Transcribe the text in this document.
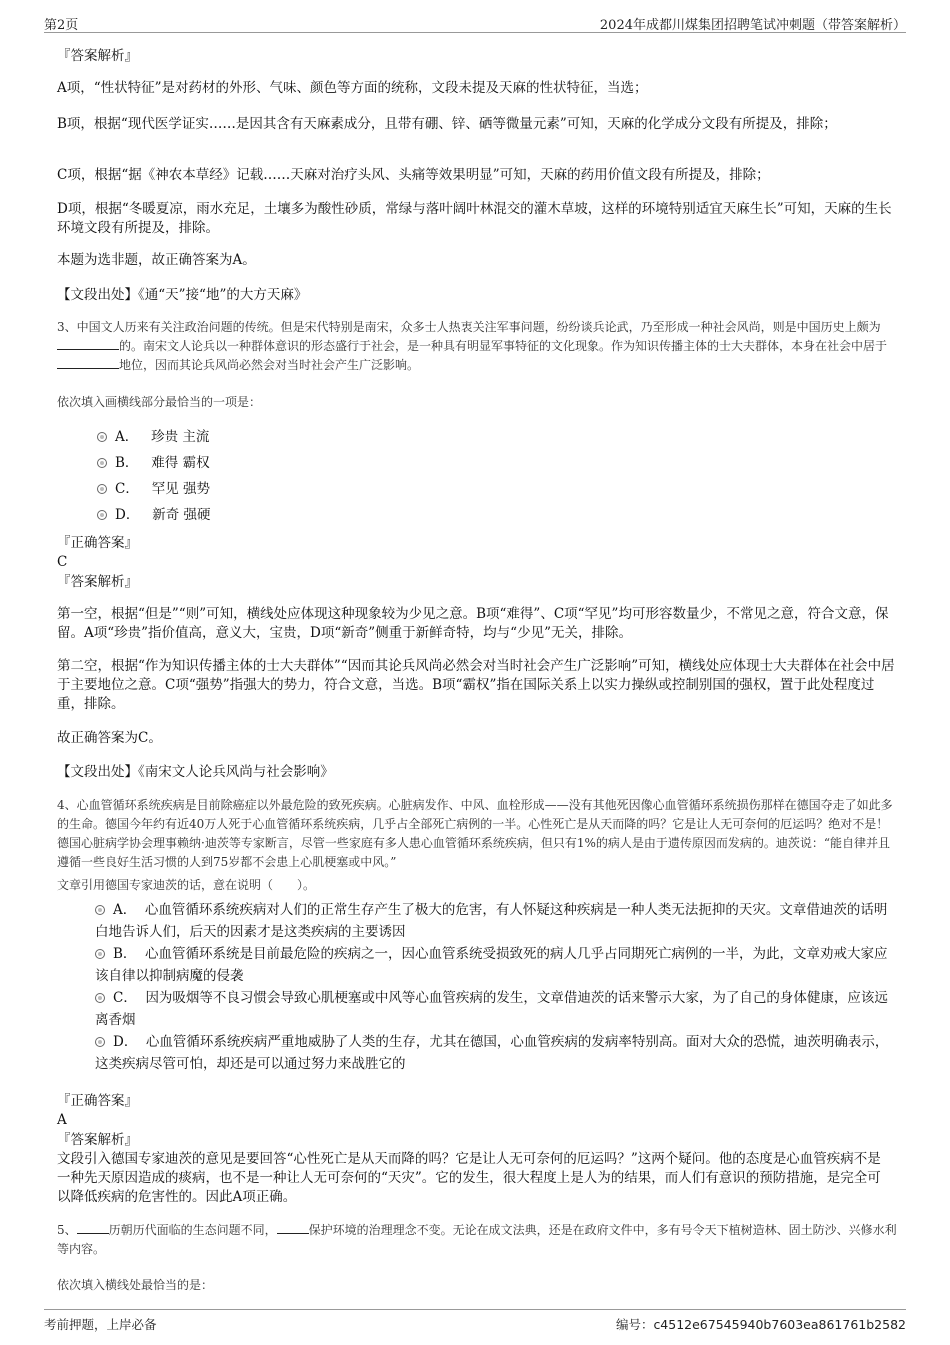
第2页	2024年成都川煤集团招聘笔试冲刺题（带答案解析）
『答案解析』
A项，“性状特征”是对药材的外形、气味、颜色等方面的统称，文段未提及天麻的性状特征，当选；
B项，根据“现代医学证实……是因其含有天麻素成分，且带有硼、锌、硒等微量元素”可知，天麻的化学成分文段有所提及，排除；
C项，根据“据《神农本草经》记载……天麻对治疗头风、头痛等效果明显”可知，天麻的药用价值文段有所提及，排除；
D项，根据“冬暖夏凉，雨水充足，土壤多为酸性砂质，常绿与落叶阔叶林混交的灌木草坡，这样的环境特别适宜天麻生长”可知，天麻的生长环境文段有所提及，排除。
本题为选非题，故正确答案为A。
【文段出处】《通“天”接“地”的大方天麻》
3、中国文人历来有关注政治问题的传统。但是宋代特别是南宋，众多士人热衷关注军事问题，纷纷谈兵论武，乃至形成一种社会风尚，则是中国历史上颇为的。南宋文人论兵以一种群体意识的形态盛行于社会，是一种具有明显军事特征的文化现象。作为知识传播主体的士大夫群体，本身在社会中居于地位，因而其论兵风尚必然会对当时社会产生广泛影响。
依次填入画横线部分最恰当的一项是：
A． 珍贵 主流
B． 难得 霸权
C． 罕见 强势
D． 新奇 强硬
『正确答案』
C
『答案解析』
第一空，根据“但是”“则”可知，横线处应体现这种现象较为少见之意。B项“难得”、C项“罕见”均可形容数量少，不常见之意，符合文意，保留。A项“珍贵”指价值高，意义大，宝贵，D项“新奇”侧重于新鲜奇特，均与“少见”无关，排除。
第二空，根据“作为知识传播主体的士大夫群体”“因而其论兵风尚必然会对当时社会产生广泛影响”可知，横线处应体现士大夫群体在社会中居于主要地位之意。C项“强势”指强大的势力，符合文意，当选。B项“霸权”指在国际关系上以实力操纵或控制别国的强权，置于此处程度过重，排除。
故正确答案为C。
【文段出处】《南宋文人论兵风尚与社会影响》
4、心血管循环系统疾病是目前除癌症以外最危险的致死疾病。心脏病发作、中风、血栓形成——没有其他死因像心血管循环系统损伤那样在德国夺走了如此多的生命。德国今年约有近40万人死于心血管循环系统疾病，几乎占全部死亡病例的一半。心性死亡是从天而降的吗？它是让人无可奈何的厄运吗？绝对不是！德国心脏病学协会理事赖纳·迪茨等专家断言，尽管一些家庭有多人患心血管循环系统疾病，但只有1%的病人是由于遗传原因而发病的。迪茨说：“能自律并且遵循一些良好生活习惯的人到75岁都不会患上心肌梗塞或中风。”
文章引用德国专家迪茨的话，意在说明（　　）。
A． 心血管循环系统疾病对人们的正常生存产生了极大的危害，有人怀疑这种疾病是一种人类无法扼抑的天灾。文章借迪茨的话明白地告诉人们，后天的因素才是这类疾病的主要诱因
B． 心血管循环系统是目前最危险的疾病之一，因心血管系统受损致死的病人几乎占同期死亡病例的一半，为此，文章劝戒大家应该自律以抑制病魔的侵袭
C． 因为吸烟等不良习惯会导致心肌梗塞或中风等心血管疾病的发生，文章借迪茨的话来警示大家，为了自己的身体健康，应该远离香烟
D． 心血管循环系统疾病严重地威胁了人类的生存，尤其在德国，心血管疾病的发病率特别高。面对大众的恐慌，迪茨明确表示，这类疾病尽管可怕，却还是可以通过努力来战胜它的
『正确答案』
A
『答案解析』
文段引入德国专家迪茨的意见是要回答“心性死亡是从天而降的吗？它是让人无可奈何的厄运吗？”这两个疑问。他的态度是心血管疾病不是一种先天原因造成的痰病，也不是一种让人无可奈何的“天灾”。它的发生，很大程度上是人为的结果，而人们有意识的预防措施，是完全可以降低疾病的危害性的。因此A项正确。
5、	历朝历代面临的生态问题不同，	保护环境的治理理念不变。无论在成文法典，还是在政府文件中，多有号令天下植树造林、固土防沙、兴修水利等内容。
依次填入横线处最恰当的是：
考前押题，上岸必备	编号：c4512e67545940b7603ea861761b2582
